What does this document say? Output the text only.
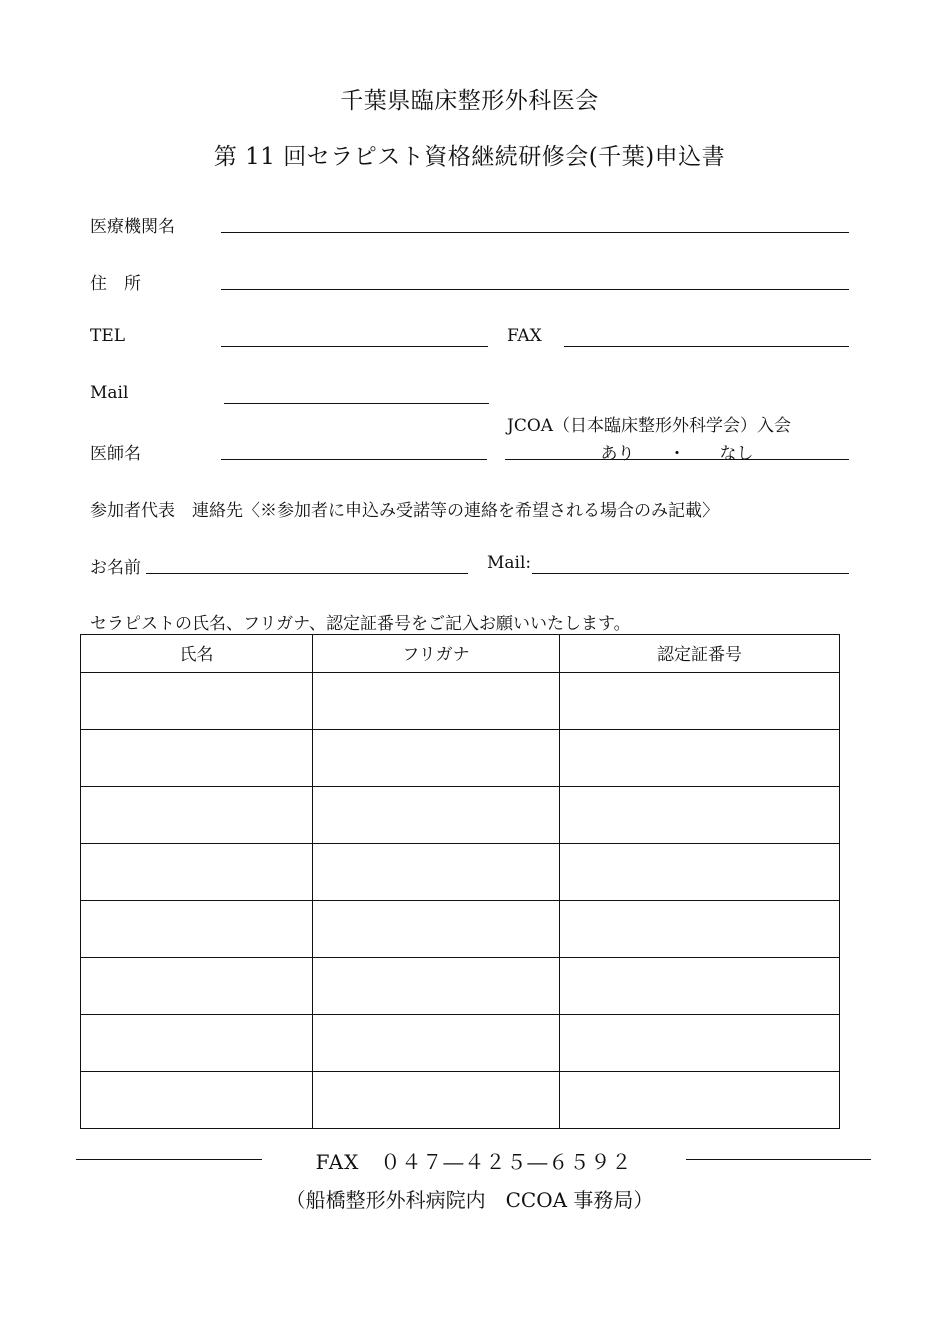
千葉県臨床整形外科医会
第 11 回セラピスト資格継続研修会(千葉)申込書
医療機関名
住　所
TEL	FAX
Mail
JCOA（日本臨床整形外科学会）入会
あり　　・　　なし
医師名
参加者代表　連絡先〈※参加者に申込み受諾等の連絡を希望される場合のみ記載〉
お名前	Mail:
セラピストの氏名、フリガナ、認定証番号をご記入お願いいたします。
氏名	フリガナ	認定証番号

FAX　０４７―４２５―６５９２
（船橋整形外科病院内　CCOA 事務局）
